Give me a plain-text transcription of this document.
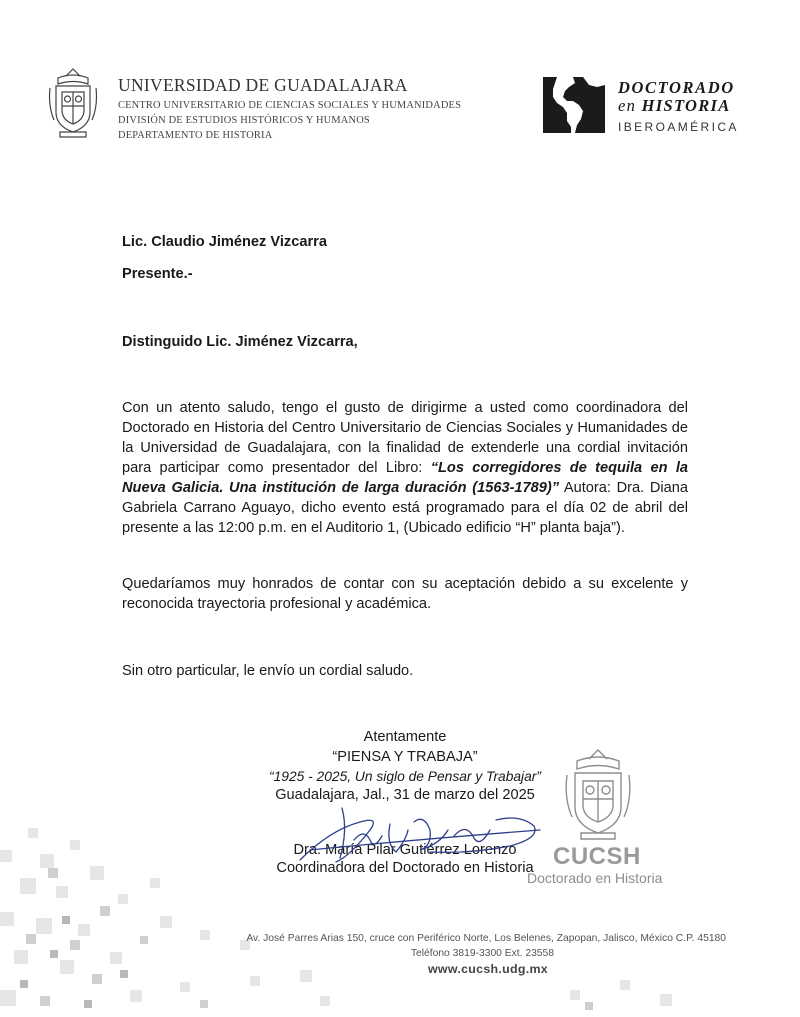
UNIVERSIDAD DE GUADALAJARA
CENTRO UNIVERSITARIO DE CIENCIAS SOCIALES Y HUMANIDADES
DIVISIÓN DE ESTUDIOS HISTÓRICOS Y HUMANOS
DEPARTAMENTO DE HISTORIA
DOCTORADO
en HISTORIA
IBEROAMÉRICA
Lic. Claudio Jiménez Vizcarra
Presente.-
Distinguido Lic. Jiménez Vizcarra,
Con un atento saludo, tengo el gusto de dirigirme a usted como coordinadora del Doctorado en Historia del Centro Universitario de Ciencias Sociales y Humanidades de la Universidad de Guadalajara, con la finalidad de extenderle una cordial invitación para participar como presentador del Libro: “Los corregidores de tequila en la Nueva Galicia. Una institución de larga duración (1563-1789)” Autora: Dra. Diana Gabriela Carrano Aguayo, dicho evento está programado para el día 02 de abril del presente a las 12:00 p.m. en el Auditorio 1, (Ubicado edificio “H” planta baja”).
Quedaríamos muy honrados de contar con su aceptación debido a su excelente y reconocida trayectoria profesional y académica.
Sin otro particular, le envío un cordial saludo.
Atentamente
“PIENSA Y TRABAJA”
“1925 - 2025, Un siglo de Pensar y Trabajar”
Guadalajara, Jal., 31 de marzo del 2025
CUCSH
Doctorado en Historia
Dra. María Pilar Gutiérrez Lorenzo
Coordinadora del Doctorado en Historia
Av. José Parres Arias 150, cruce con Periférico Norte, Los Belenes, Zapopan, Jalisco, México C.P. 45180
Teléfono 3819-3300 Ext. 23558
www.cucsh.udg.mx
